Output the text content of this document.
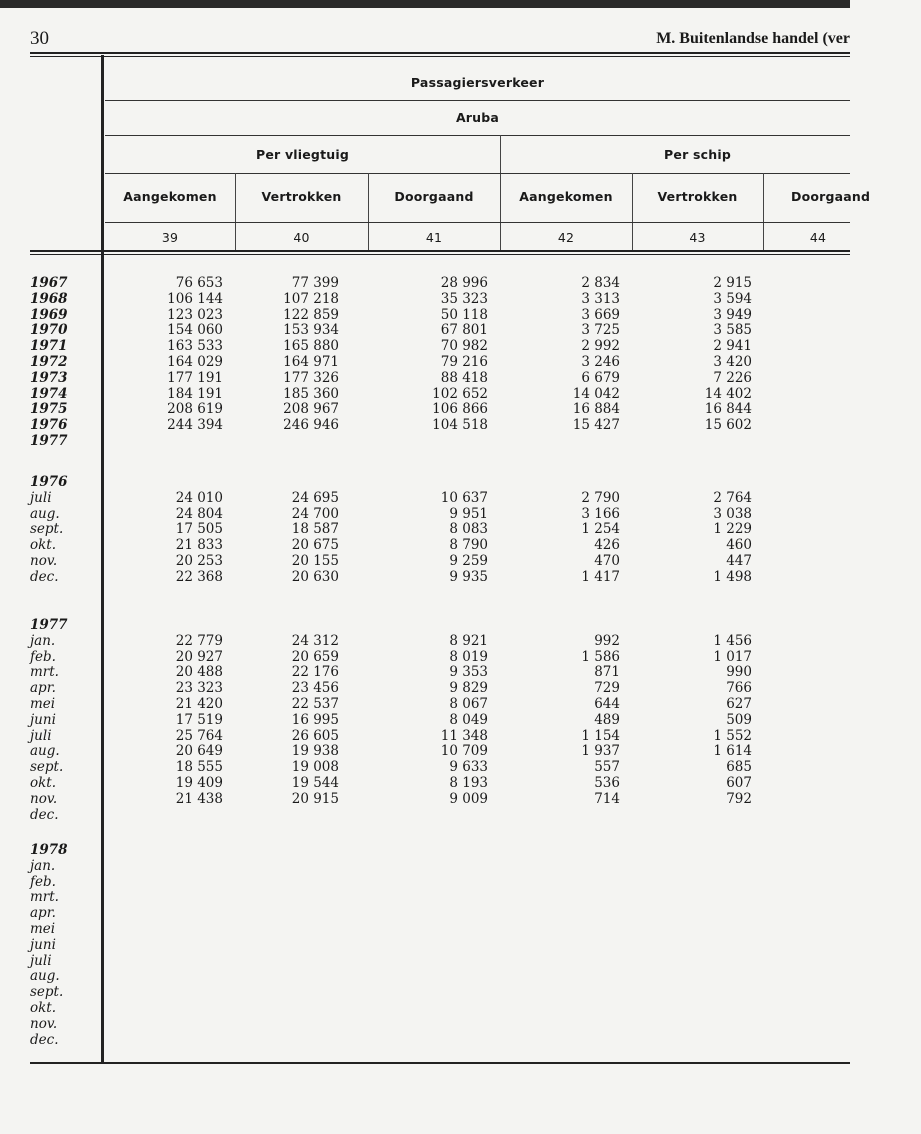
30	M. Buitenlandse handel (ver
Passagiersverkeer
Aruba
Per vliegtuig	Per schip
Aangekomen	Vertrokken	Doorgaand	Aangekomen	Vertrokken	Doorgaand
39	40	41	42	43	44
1967	76 653	77 399	28 996	2 834	2 915
1968	106 144	107 218	35 323	3 313	3 594
1969	123 023	122 859	50 118	3 669	3 949
1970	154 060	153 934	67 801	3 725	3 585
1971	163 533	165 880	70 982	2 992	2 941
1972	164 029	164 971	79 216	3 246	3 420
1973	177 191	177 326	88 418	6 679	7 226
1974	184 191	185 360	102 652	14 042	14 402
1975	208 619	208 967	106 866	16 884	16 844
1976	244 394	246 946	104 518	15 427	15 602
1977
1976
juli	24 010	24 695	10 637	2 790	2 764
aug.	24 804	24 700	9 951	3 166	3 038
sept.	17 505	18 587	8 083	1 254	1 229
okt.	21 833	20 675	8 790	426	460
nov.	20 253	20 155	9 259	470	447
dec.	22 368	20 630	9 935	1 417	1 498
1977
jan.	22 779	24 312	8 921	992	1 456
feb.	20 927	20 659	8 019	1 586	1 017
mrt.	20 488	22 176	9 353	871	990
apr.	23 323	23 456	9 829	729	766
mei	21 420	22 537	8 067	644	627
juni	17 519	16 995	8 049	489	509
juli	25 764	26 605	11 348	1 154	1 552
aug.	20 649	19 938	10 709	1 937	1 614
sept.	18 555	19 008	9 633	557	685
okt.	19 409	19 544	8 193	536	607
nov.	21 438	20 915	9 009	714	792
dec.
1978
jan.
feb.
mrt.
apr.
mei
juni
juli
aug.
sept.
okt.
nov.
dec.
